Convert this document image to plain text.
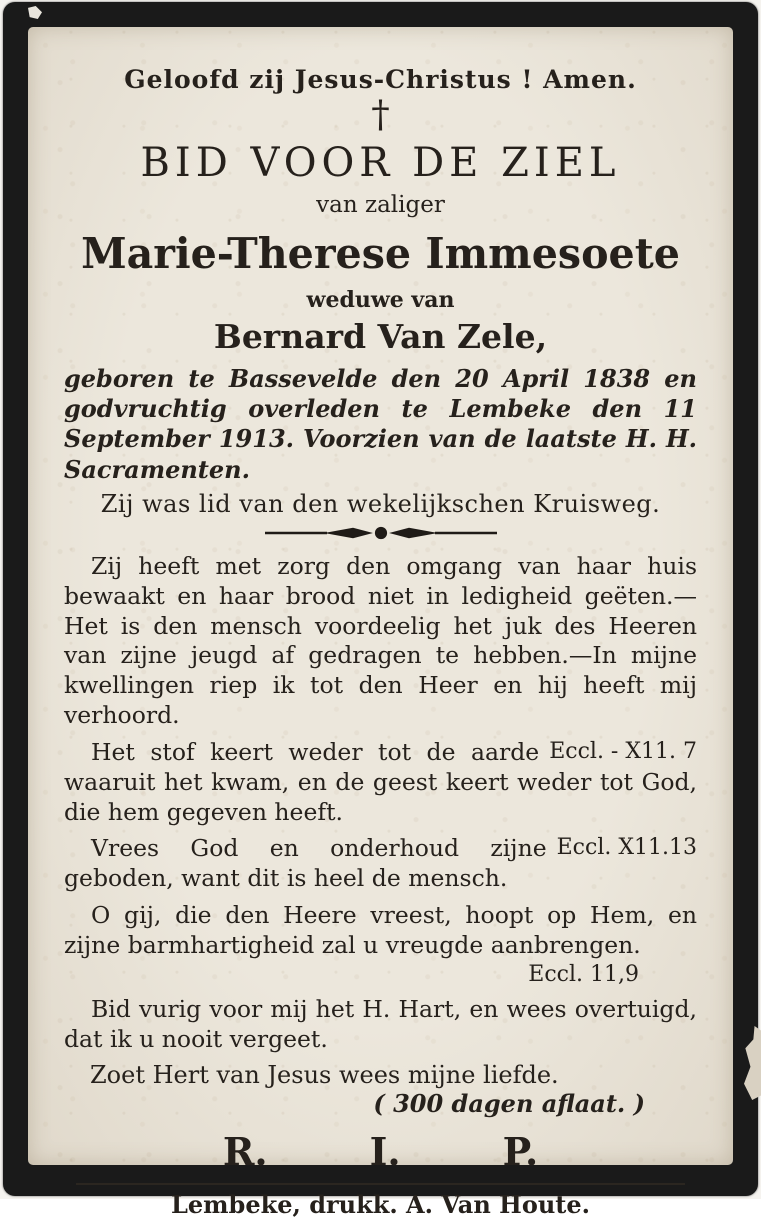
Geloofd zij Jesus-Christus ! Amen.
†
BID VOOR DE ZIEL
van zaliger
Marie-Therese Immesoete
weduwe van
Bernard Van Zele,
geboren te Bassevelde den 20 April 1838 en godvruchtig overleden te Lembeke den 11 September 1913. Voorzien van de laatste H. H. Sacramenten.
Zij was lid van den wekelijkschen Kruisweg.
Zij heeft met zorg den omgang van haar huis bewaakt en haar brood niet in ledigheid geëten.— Het is den mensch voordeelig het juk des Heeren van zijne jeugd af gedragen te hebben.—In mijne kwellingen riep ik tot den Heer en hij heeft mij verhoord.
Eccl. - X11. 7
Het stof keert weder tot de aarde waaruit het kwam, en de geest keert weder tot God, die hem gegeven heeft.
Eccl. X11.13
Vrees God en onderhoud zijne geboden, want dit is heel de mensch.
O gij, die den Heere vreest, hoopt op Hem, en zijne barmhartigheid zal u vreugde aanbrengen.
Eccl. 11,9
Bid vurig voor mij het H. Hart, en wees overtuigd, dat ik u nooit vergeet.
Zoet Hert van Jesus wees mijne liefde.
( 300 dagen aflaat. )
R.	I.	P.
Lembeke, drukk. A. Van Houte.
